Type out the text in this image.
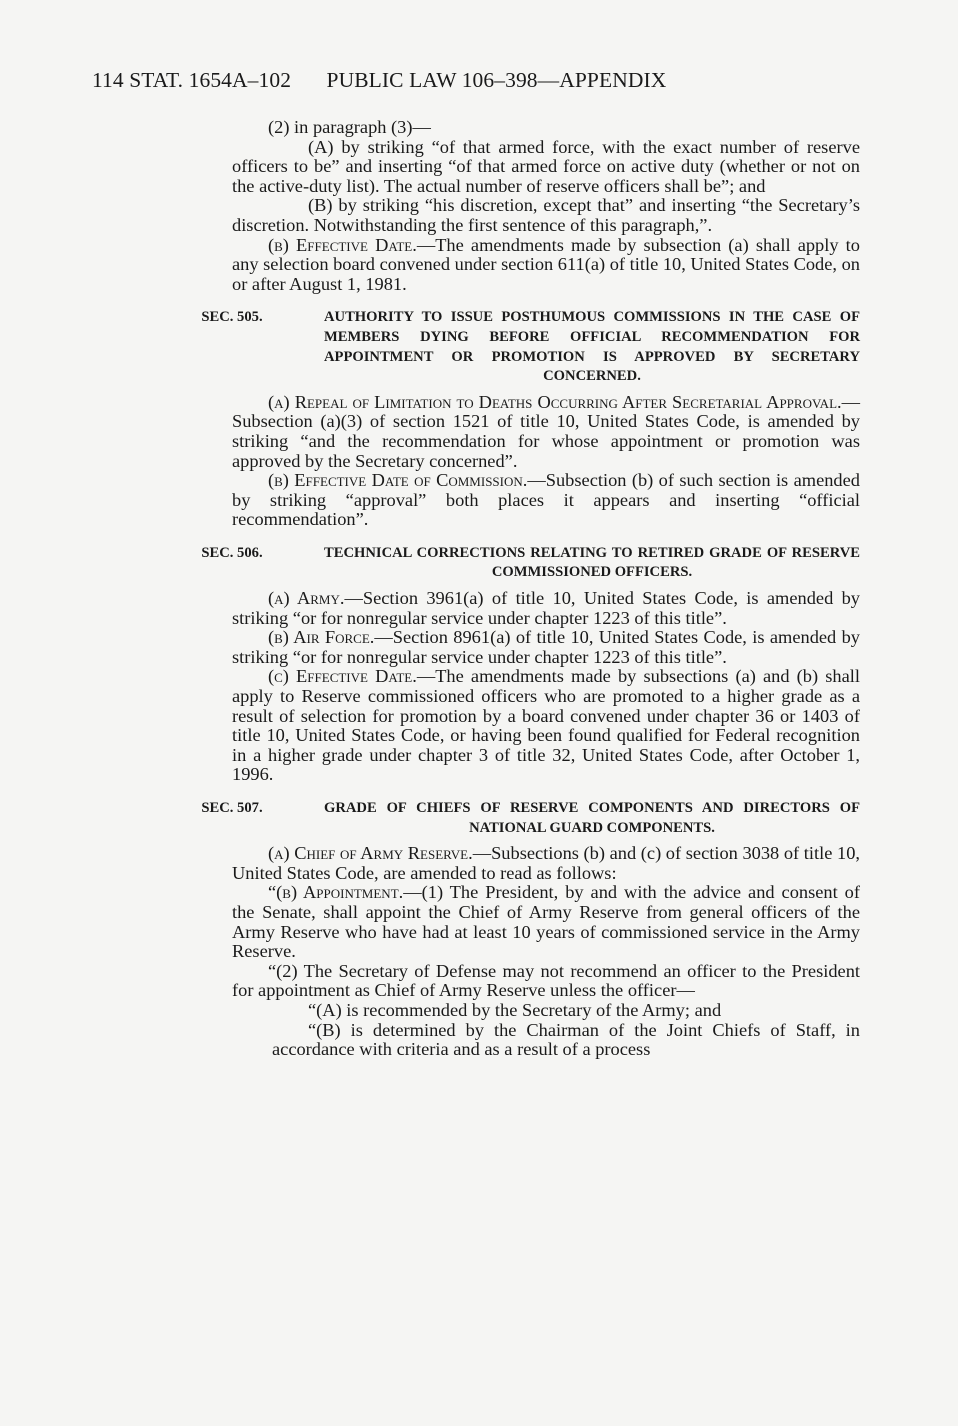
114 STAT. 1654A–102 PUBLIC LAW 106–398—APPENDIX

(2) in paragraph (3)—

(A) by striking “of that armed force, with the exact number of reserve officers to be” and inserting “of that armed force on active duty (whether or not on the active-duty list). The actual number of reserve officers shall be”; and

(B) by striking “his discretion, except that” and inserting “the Secretary’s discretion. Notwithstanding the first sentence of this paragraph,”.

(b) Effective Date.—The amendments made by subsection (a) shall apply to any selection board convened under section 611(a) of title 10, United States Code, on or after August 1, 1981.

SEC. 505.	AUTHORITY TO ISSUE POSTHUMOUS COMMISSIONS IN THE CASE OF MEMBERS DYING BEFORE OFFICIAL RECOMMENDATION FOR APPOINTMENT OR PROMOTION IS APPROVED BY SECRETARY CONCERNED.

(a) Repeal of Limitation to Deaths Occurring After Secretarial Approval.—Subsection (a)(3) of section 1521 of title 10, United States Code, is amended by striking “and the recommendation for whose appointment or promotion was approved by the Secretary concerned”.

(b) Effective Date of Commission.—Subsection (b) of such section is amended by striking “approval” both places it appears and inserting “official recommendation”.

SEC. 506.	TECHNICAL CORRECTIONS RELATING TO RETIRED GRADE OF RESERVE COMMISSIONED OFFICERS.

(a) Army.—Section 3961(a) of title 10, United States Code, is amended by striking “or for nonregular service under chapter 1223 of this title”.

(b) Air Force.—Section 8961(a) of title 10, United States Code, is amended by striking “or for nonregular service under chapter 1223 of this title”.

(c) Effective Date.—The amendments made by subsections (a) and (b) shall apply to Reserve commissioned officers who are promoted to a higher grade as a result of selection for promotion by a board convened under chapter 36 or 1403 of title 10, United States Code, or having been found qualified for Federal recognition in a higher grade under chapter 3 of title 32, United States Code, after October 1, 1996.

SEC. 507.	GRADE OF CHIEFS OF RESERVE COMPONENTS AND DIRECTORS OF NATIONAL GUARD COMPONENTS.

(a) Chief of Army Reserve.—Subsections (b) and (c) of section 3038 of title 10, United States Code, are amended to read as follows:

“(b) Appointment.—(1) The President, by and with the advice and consent of the Senate, shall appoint the Chief of Army Reserve from general officers of the Army Reserve who have had at least 10 years of commissioned service in the Army Reserve.

“(2) The Secretary of Defense may not recommend an officer to the President for appointment as Chief of Army Reserve unless the officer—

“(A) is recommended by the Secretary of the Army; and

“(B) is determined by the Chairman of the Joint Chiefs of Staff, in accordance with criteria and as a result of a process
